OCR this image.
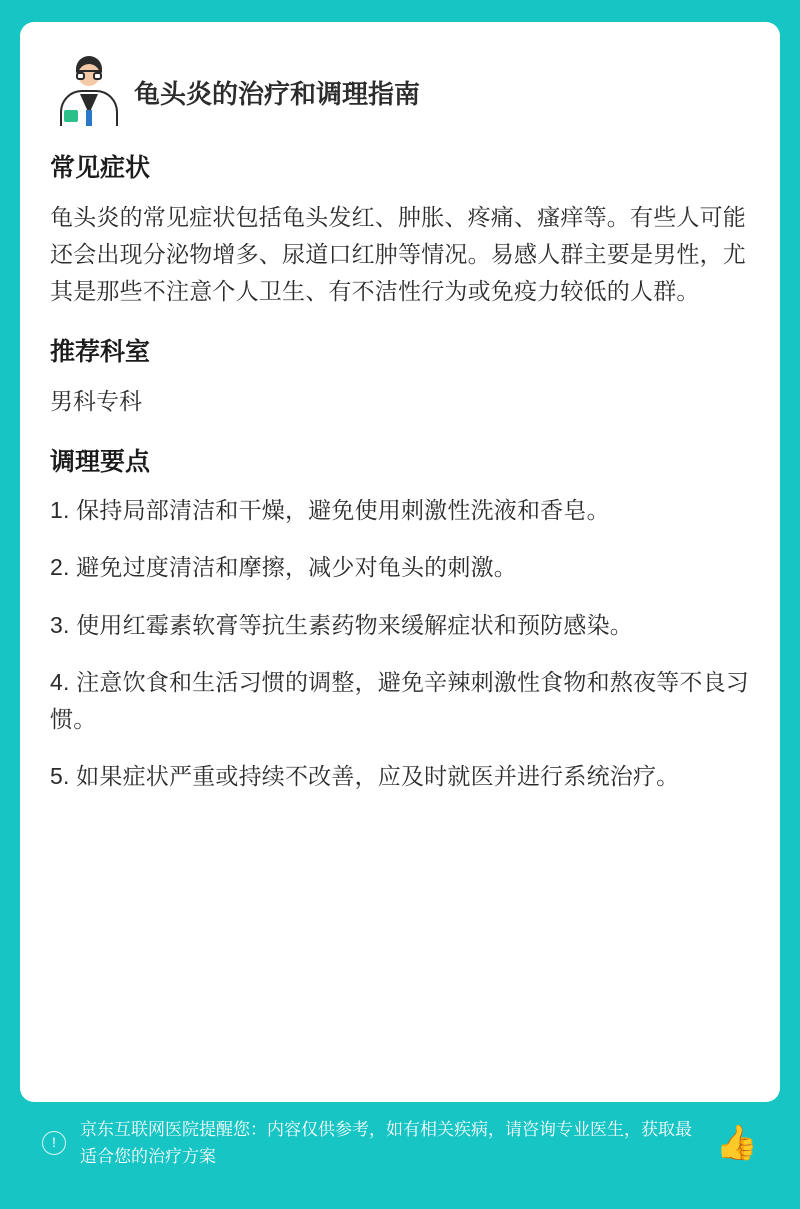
龟头炎的治疗和调理指南
常见症状

龟头炎的常见症状包括龟头发红、肿胀、疼痛、瘙痒等。有些人可能还会出现分泌物增多、尿道口红肿等情况。易感人群主要是男性，尤其是那些不注意个人卫生、有不洁性行为或免疫力较低的人群。

推荐科室

男科专科

调理要点
1. 保持局部清洁和干燥，避免使用刺激性洗液和香皂。
2. 避免过度清洁和摩擦，减少对龟头的刺激。
3. 使用红霉素软膏等抗生素药物来缓解症状和预防感染。
4. 注意饮食和生活习惯的调整，避免辛辣刺激性食物和熬夜等不良习惯。
5. 如果症状严重或持续不改善，应及时就医并进行系统治疗。
!
京东互联网医院提醒您：内容仅供参考，如有相关疾病，请咨询专业医生，获取最适合您的治疗方案	👍
